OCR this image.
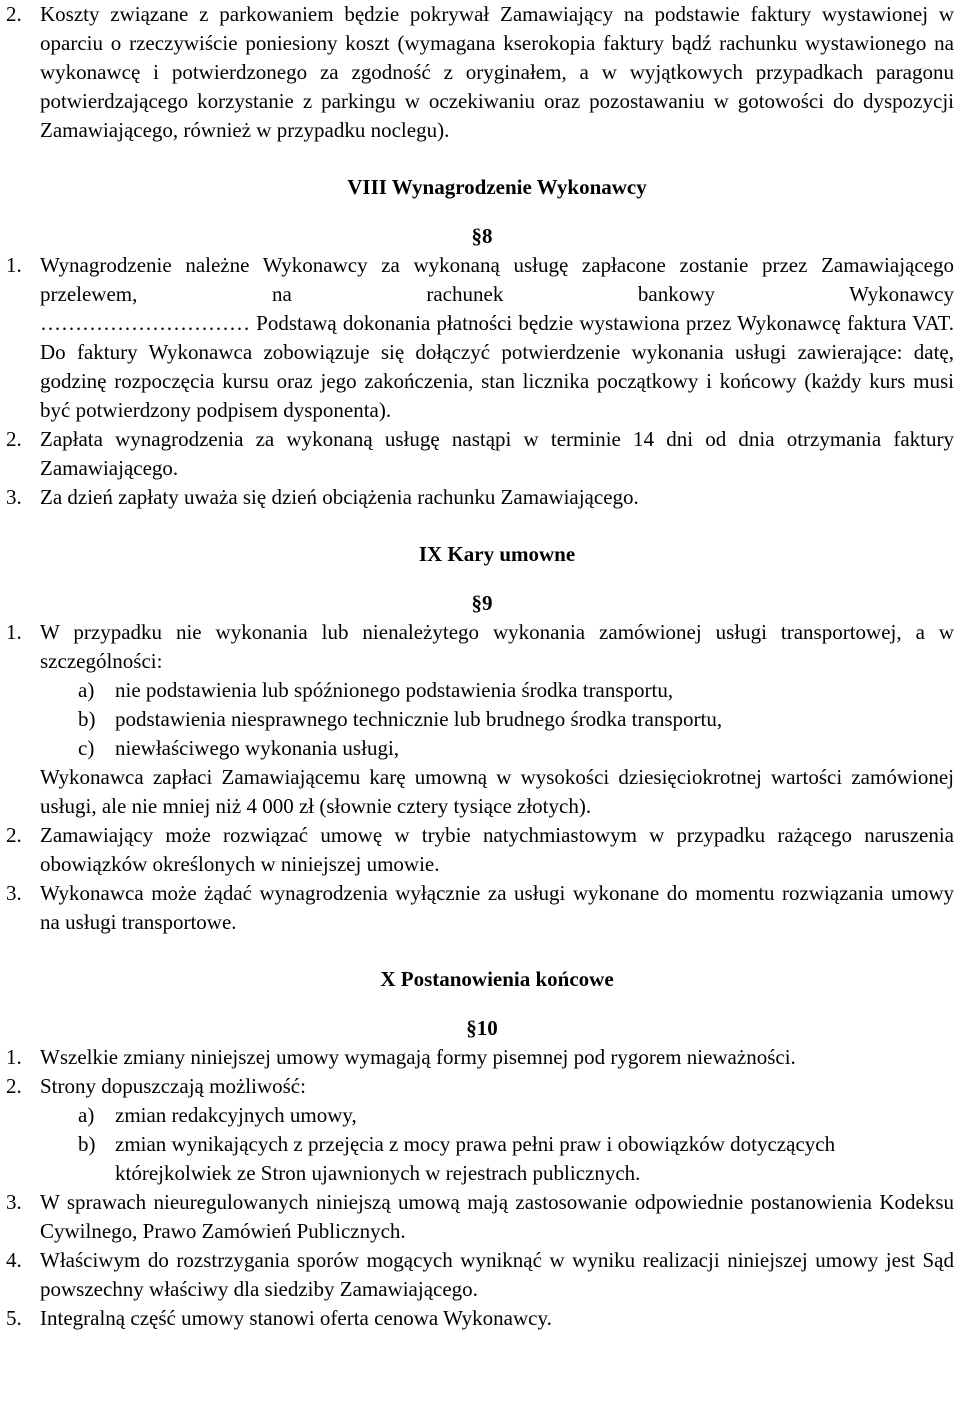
2. Koszty związane z parkowaniem będzie pokrywał Zamawiający na podstawie faktury wystawionej w oparciu o rzeczywiście poniesiony koszt (wymagana kserokopia faktury bądź rachunku wystawionego na wykonawcę i potwierdzonego za zgodność z oryginałem, a w wyjątkowych przypadkach paragonu potwierdzającego korzystanie z parkingu w oczekiwaniu oraz pozostawaniu w gotowości do dyspozycji Zamawiającego, również w przypadku noclegu).
VIII Wynagrodzenie Wykonawcy
§8
1. Wynagrodzenie należne Wykonawcy za wykonaną usługę zapłacone zostanie przez Zamawiającego przelewem, na rachunek bankowy Wykonawcy
………………………… Podstawą dokonania płatności będzie wystawiona przez Wykonawcę faktura VAT. Do faktury Wykonawca zobowiązuje się dołączyć potwierdzenie wykonania usługi zawierające: datę, godzinę rozpoczęcia kursu oraz jego zakończenia, stan licznika początkowy i końcowy (każdy kurs musi być potwierdzony podpisem dysponenta).
2. Zapłata wynagrodzenia za wykonaną usługę nastąpi w terminie 14 dni od dnia otrzymania faktury Zamawiającego.
3. Za dzień zapłaty uważa się dzień obciążenia rachunku Zamawiającego.
IX Kary umowne
§9
1. W przypadku nie wykonania lub nienależytego wykonania zamówionej usługi transportowej, a w szczególności:
a) nie podstawienia lub spóźnionego podstawienia środka transportu,
b) podstawienia niesprawnego technicznie lub brudnego środka transportu,
c) niewłaściwego wykonania usługi,
Wykonawca zapłaci Zamawiającemu karę umowną w wysokości dziesięciokrotnej wartości zamówionej usługi, ale nie mniej niż 4 000 zł (słownie cztery tysiące złotych).
2. Zamawiający może rozwiązać umowę w trybie natychmiastowym w przypadku rażącego naruszenia obowiązków określonych w niniejszej umowie.
3. Wykonawca może żądać wynagrodzenia wyłącznie za usługi wykonane do momentu rozwiązania umowy na usługi transportowe.
X Postanowienia końcowe
§10
1. Wszelkie zmiany niniejszej umowy wymagają formy pisemnej pod rygorem nieważności.
2. Strony dopuszczają możliwość:
a) zmian redakcyjnych umowy,
b) zmian wynikających z przejęcia z mocy prawa pełni praw i obowiązków dotyczących którejkolwiek ze Stron ujawnionych w rejestrach publicznych.
3. W sprawach nieuregulowanych niniejszą umową mają zastosowanie odpowiednie postanowienia Kodeksu Cywilnego, Prawo Zamówień Publicznych.
4. Właściwym do rozstrzygania sporów mogących wyniknąć w wyniku realizacji niniejszej umowy jest Sąd powszechny właściwy dla siedziby Zamawiającego.
5. Integralną część umowy stanowi oferta cenowa Wykonawcy.
